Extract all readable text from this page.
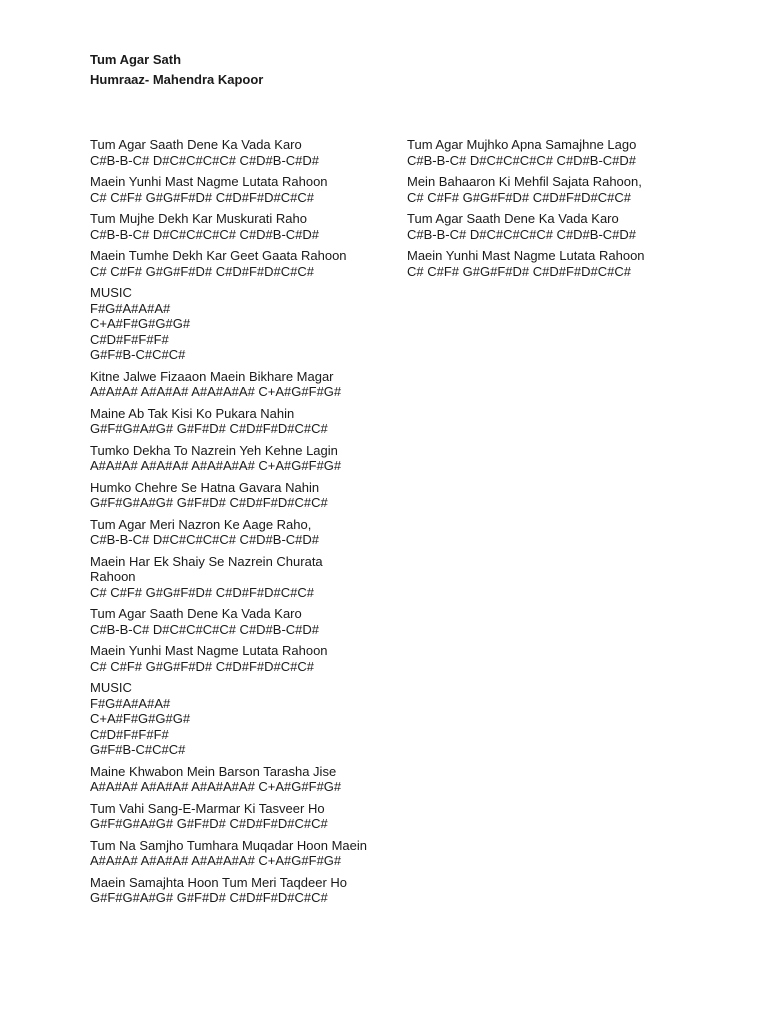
Tum Agar Sath
Humraaz- Mahendra Kapoor
Tum Agar Saath Dene Ka Vada Karo
C#B-B-C# D#C#C#C#C# C#D#B-C#D#
Maein Yunhi Mast Nagme Lutata Rahoon
C# C#F# G#G#F#D# C#D#F#D#C#C#
Tum Mujhe Dekh Kar Muskurati Raho
C#B-B-C# D#C#C#C#C# C#D#B-C#D#
Maein Tumhe Dekh Kar Geet Gaata Rahoon
C# C#F# G#G#F#D# C#D#F#D#C#C#
MUSIC
F#G#A#A#A#
C+A#F#G#G#G#
C#D#F#F#F#
G#F#B-C#C#C#
Kitne Jalwe Fizaaon Maein Bikhare Magar
A#A#A# A#A#A# A#A#A#A# C+A#G#F#G#
Maine Ab Tak Kisi Ko Pukara Nahin
G#F#G#A#G# G#F#D# C#D#F#D#C#C#
Tumko Dekha To Nazrein Yeh Kehne Lagin
A#A#A# A#A#A# A#A#A#A# C+A#G#F#G#
Humko Chehre Se Hatna Gavara Nahin
G#F#G#A#G# G#F#D# C#D#F#D#C#C#
Tum Agar Meri Nazron Ke Aage Raho,
C#B-B-C# D#C#C#C#C# C#D#B-C#D#
Maein Har Ek Shaiy Se Nazrein Churata Rahoon
C# C#F# G#G#F#D# C#D#F#D#C#C#
Tum Agar Saath Dene Ka Vada Karo
C#B-B-C# D#C#C#C#C# C#D#B-C#D#
Maein Yunhi Mast Nagme Lutata Rahoon
C# C#F# G#G#F#D# C#D#F#D#C#C#
MUSIC
F#G#A#A#A#
C+A#F#G#G#G#
C#D#F#F#F#
G#F#B-C#C#C#
Maine Khwabon Mein Barson Tarasha Jise
A#A#A# A#A#A# A#A#A#A# C+A#G#F#G#
Tum Vahi Sang-E-Marmar Ki Tasveer Ho
G#F#G#A#G# G#F#D# C#D#F#D#C#C#
Tum Na Samjho Tumhara Muqadar Hoon Maein
A#A#A# A#A#A# A#A#A#A# C+A#G#F#G#
Maein Samajhta Hoon Tum Meri Taqdeer Ho
G#F#G#A#G# G#F#D# C#D#F#D#C#C#
Tum Agar Mujhko Apna Samajhne Lago
C#B-B-C# D#C#C#C#C# C#D#B-C#D#
Mein Bahaaron Ki Mehfil Sajata Rahoon,
C# C#F# G#G#F#D# C#D#F#D#C#C#
Tum Agar Saath Dene Ka Vada Karo
C#B-B-C# D#C#C#C#C# C#D#B-C#D#
Maein Yunhi Mast Nagme Lutata Rahoon
C# C#F# G#G#F#D# C#D#F#D#C#C#
